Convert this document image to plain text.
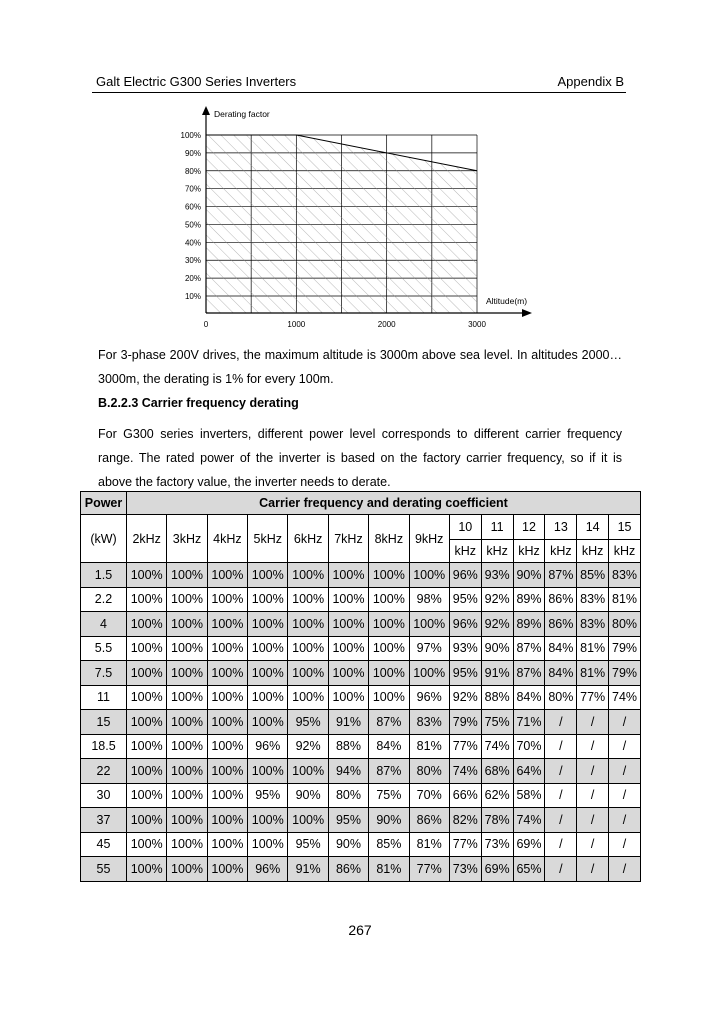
Galt Electric G300 Series Inverters	Appendix B
100%
90%
80%
70%
60%
50%
40%
30%
20%
10%
0	1000	2000	3000
Derating factor
Altitude(m)

For 3-phase 200V drives, the maximum altitude is 3000m above sea level. In altitudes 2000…3000m, the derating is 1% for every 100m.

B.2.2.3 Carrier frequency derating

For G300 series inverters, different power level corresponds to different carrier frequency range. The rated power of the inverter is based on the factory carrier frequency, so if it is above the factory value, the inverter needs to derate.

Power	Carrier frequency and derating coefficient													
(kW)	2kHz	3kHz	4kHz	5kHz	6kHz	7kHz	8kHz	9kHz	10	11	12	13	14	15
									kHz	kHz	kHz	kHz	kHz	kHz
1.5	100%	100%	100%	100%	100%	100%	100%	100%	96%	93%	90%	87%	85%	83%
2.2	100%	100%	100%	100%	100%	100%	100%	98%	95%	92%	89%	86%	83%	81%
4	100%	100%	100%	100%	100%	100%	100%	100%	96%	92%	89%	86%	83%	80%
5.5	100%	100%	100%	100%	100%	100%	100%	97%	93%	90%	87%	84%	81%	79%
7.5	100%	100%	100%	100%	100%	100%	100%	100%	95%	91%	87%	84%	81%	79%
11	100%	100%	100%	100%	100%	100%	100%	96%	92%	88%	84%	80%	77%	74%
15	100%	100%	100%	100%	95%	91%	87%	83%	79%	75%	71%	/	/	/
18.5	100%	100%	100%	96%	92%	88%	84%	81%	77%	74%	70%	/	/	/
22	100%	100%	100%	100%	100%	94%	87%	80%	74%	68%	64%	/	/	/
30	100%	100%	100%	95%	90%	80%	75%	70%	66%	62%	58%	/	/	/
37	100%	100%	100%	100%	100%	95%	90%	86%	82%	78%	74%	/	/	/
45	100%	100%	100%	100%	95%	90%	85%	81%	77%	73%	69%	/	/	/
55	100%	100%	100%	96%	91%	86%	81%	77%	73%	69%	65%	/	/	/
267
